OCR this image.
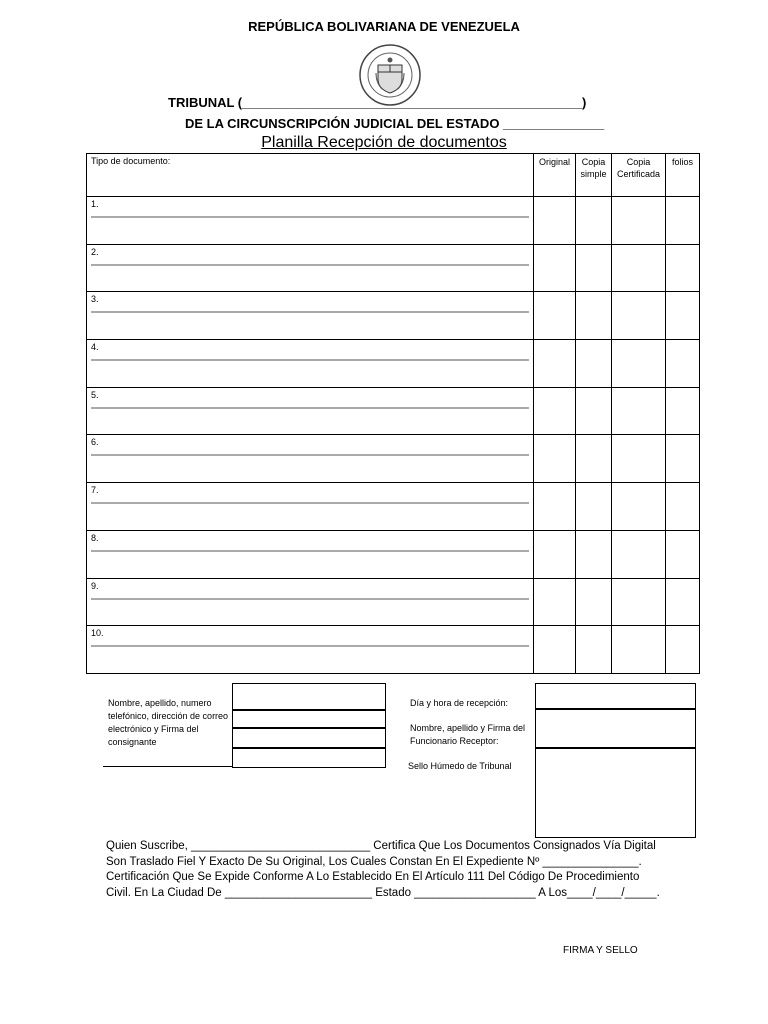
REPÚBLICA BOLIVARIANA DE VENEZUELA
TRIBUNAL (_______________________________________________)
DE LA CIRCUNSCRIPCIÓN JUDICIAL DEL ESTADO ______________
Planilla Recepción de documentos
Tipo de documento:	Original	Copia simple	Copia Certificada	folios

1.				

2.				

3.				

4.				

5.				

6.				

7.				

8.				

9.				

10.				

Nombre, apellido, numero telefónico, dirección de correo electrónico y Firma del consignante
Día y hora de recepción:
Nombre, apellido y Firma del Funcionario Receptor:
Sello Húmedo de Tribunal
Quien Suscribe, ____________________________ Certifica Que Los Documentos Consignados Vía Digital
Son Traslado Fiel Y Exacto De Su Original, Los Cuales Constan En El Expediente Nº _______________.
Certificación Que Se Expide Conforme A Lo Establecido En El Artículo 111 Del Código De Procedimiento
Civil. En La Ciudad De _______________________ Estado ___________________ A Los____/____/_____.
FIRMA Y SELLO
